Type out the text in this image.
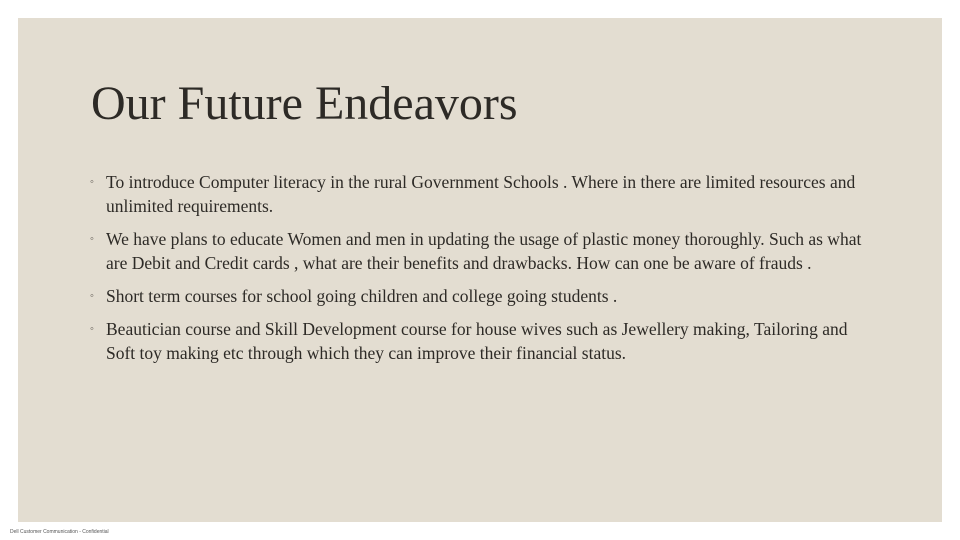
Our Future Endeavors
◦ To introduce Computer literacy in the rural Government Schools . Where in there are limited resources and unlimited requirements.
◦ We have plans to educate Women and men in updating the usage of plastic money thoroughly. Such as what are Debit and Credit cards , what are their benefits and drawbacks. How can one be aware of frauds .
◦ Short term courses for school going children and college going students .
◦ Beautician course and Skill Development course for house wives such as Jewellery making, Tailoring and Soft toy making etc through which they can improve their financial status.
Dell Customer Communication - Confidential
